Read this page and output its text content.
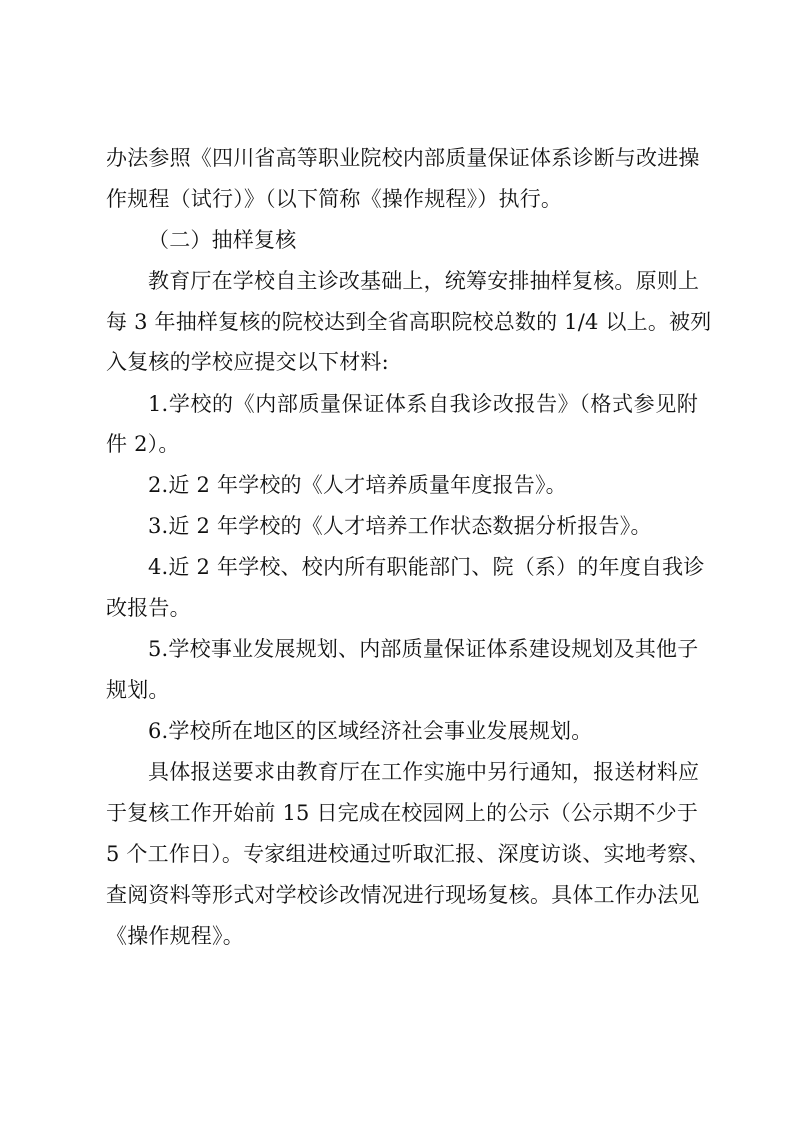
办法参照《四川省高等职业院校内部质量保证体系诊断与改进操
作规程（试行）》（以下简称《操作规程》）执行。
（二）抽样复核
教育厅在学校自主诊改基础上，统筹安排抽样复核。原则上
每 3 年抽样复核的院校达到全省高职院校总数的 1/4 以上。被列
入复核的学校应提交以下材料:
1.学校的《内部质量保证体系自我诊改报告》（格式参见附
件 2）。
2.近 2 年学校的《人才培养质量年度报告》。
3.近 2 年学校的《人才培养工作状态数据分析报告》。
4.近 2 年学校、校内所有职能部门、院（系）的年度自我诊
改报告。
5.学校事业发展规划、内部质量保证体系建设规划及其他子
规划。
6.学校所在地区的区域经济社会事业发展规划。
具体报送要求由教育厅在工作实施中另行通知，报送材料应
于复核工作开始前 15 日完成在校园网上的公示（公示期不少于
5 个工作日）。专家组进校通过听取汇报、深度访谈、实地考察、
查阅资料等形式对学校诊改情况进行现场复核。具体工作办法见
《操作规程》。
